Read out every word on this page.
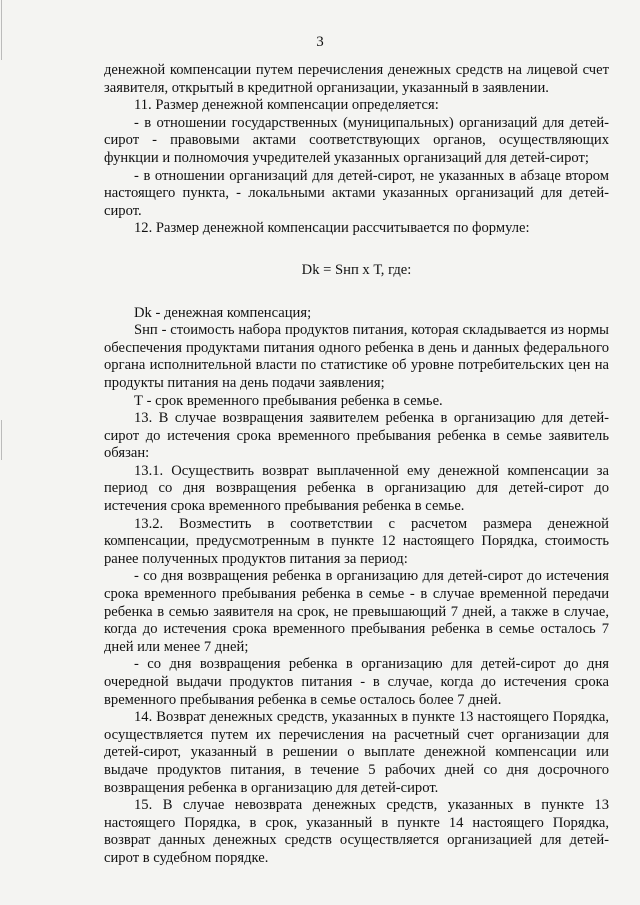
3

денежной компенсации путем перечисления денежных средств на лицевой счет заявителя, открытый в кредитной организации, указанный в заявлении.

11. Размер денежной компенсации определяется:

- в отношении государственных (муниципальных) организаций для детей-сирот - правовыми актами соответствующих органов, осуществляющих функции и полномочия учредителей указанных организаций для детей-сирот;

- в отношении организаций для детей-сирот, не указанных в абзаце втором настоящего пункта, - локальными актами указанных организаций для детей-сирот.

12. Размер денежной компенсации рассчитывается по формуле:

Dk = Sнп х Т, где:

Dk - денежная компенсация;

Sнп - стоимость набора продуктов питания, которая складывается из нормы обеспечения продуктами питания одного ребенка в день и данных федерального органа исполнительной власти по статистике об уровне потребительских цен на продукты питания на день подачи заявления;

Т - срок временного пребывания ребенка в семье.

13. В случае возвращения заявителем ребенка в организацию для детей-сирот до истечения срока временного пребывания ребенка в семье заявитель обязан:

13.1. Осуществить возврат выплаченной ему денежной компенсации за период со дня возвращения ребенка в организацию для детей-сирот до истечения срока временного пребывания ребенка в семье.

13.2. Возместить в соответствии с расчетом размера денежной компенсации, предусмотренным в пункте 12 настоящего Порядка, стоимость ранее полученных продуктов питания за период:

- со дня возвращения ребенка в организацию для детей-сирот до истечения срока временного пребывания ребенка в семье - в случае временной передачи ребенка в семью заявителя на срок, не превышающий 7 дней, а также в случае, когда до истечения срока временного пребывания ребенка в семье осталось 7 дней или менее 7 дней;

- со дня возвращения ребенка в организацию для детей-сирот до дня очередной выдачи продуктов питания - в случае, когда до истечения срока временного пребывания ребенка в семье осталось более 7 дней.

14. Возврат денежных средств, указанных в пункте 13 настоящего Порядка, осуществляется путем их перечисления на расчетный счет организации для детей-сирот, указанный в решении о выплате денежной компенсации или выдаче продуктов питания, в течение 5 рабочих дней со дня досрочного возвращения ребенка в организацию для детей-сирот.

15. В случае невозврата денежных средств, указанных в пункте 13 настоящего Порядка, в срок, указанный в пункте 14 настоящего Порядка, возврат данных денежных средств осуществляется организацией для детей-сирот в судебном порядке.
